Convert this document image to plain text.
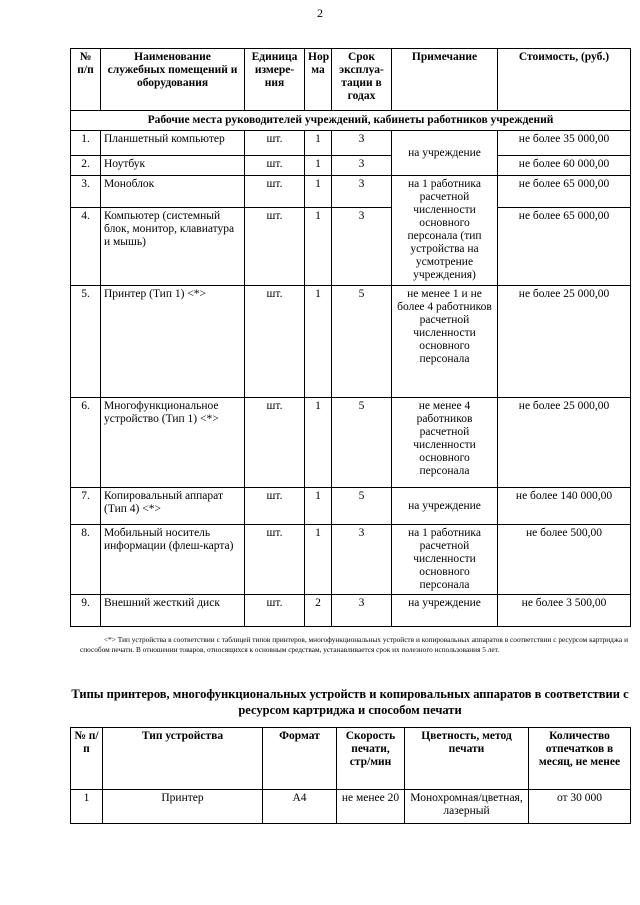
2
№ п/п	Наименование служебных помещений и оборудования	Единица измере- ния	Нор ма	Срок эксплуа- тации в годах	Примечание	Стоимость, (руб.)
Рабочие места руководителей учреждений, кабинеты работников учреждений						
1.	Планшетный компьютер	шт.	1	3	на учреждение	не более 35 000,00
2.	Ноутбук	шт.	1	3		не более 60 000,00
3.	Моноблок	шт.	1	3	на 1 работника расчетной численности основного персонала (тип устройства на усмотрение учреждения)	не более 65 000,00
4.	Компьютер (системный блок, монитор, клавиатура и мышь)	шт.	1	3		не более 65 000,00
5.	Принтер (Тип 1) <*>	шт.	1	5	не менее 1 и не более 4 работников расчетной численности основного персонала	не более 25 000,00
6.	Многофункциональное устройство (Тип 1) <*>	шт.	1	5	не менее 4 работников расчетной численности основного персонала	не более 25 000,00
7.	Копировальный аппарат (Тип 4) <*>	шт.	1	5	на учреждение	не более 140 000,00
8.	Мобильный носитель информации (флеш-карта)	шт.	1	3	на 1 работника расчетной численности основного персонала	не более 500,00
9.	Внешний жесткий диск	шт.	2	3	на учреждение	не более 3 500,00
<*> Тип устройства в соответствии с таблицей типов принтеров, многофункциональных устройств и копировальных аппаратов в соответствии с ресурсом картриджа и способом печати. В отношении товаров, относящихся к основным средствам, устанавливается срок их полезного использования 5 лет.
Типы принтеров, многофункциональных устройств и копировальных аппаратов в соответствии с ресурсом картриджа и способом печати
№ п/п	Тип устройства	Формат	Скорость печати, стр/мин	Цветность, метод печати	Количество отпечатков в месяц, не менее
1	Принтер	А4	не менее 20	Монохромная/цветная, лазерный	от 30 000
